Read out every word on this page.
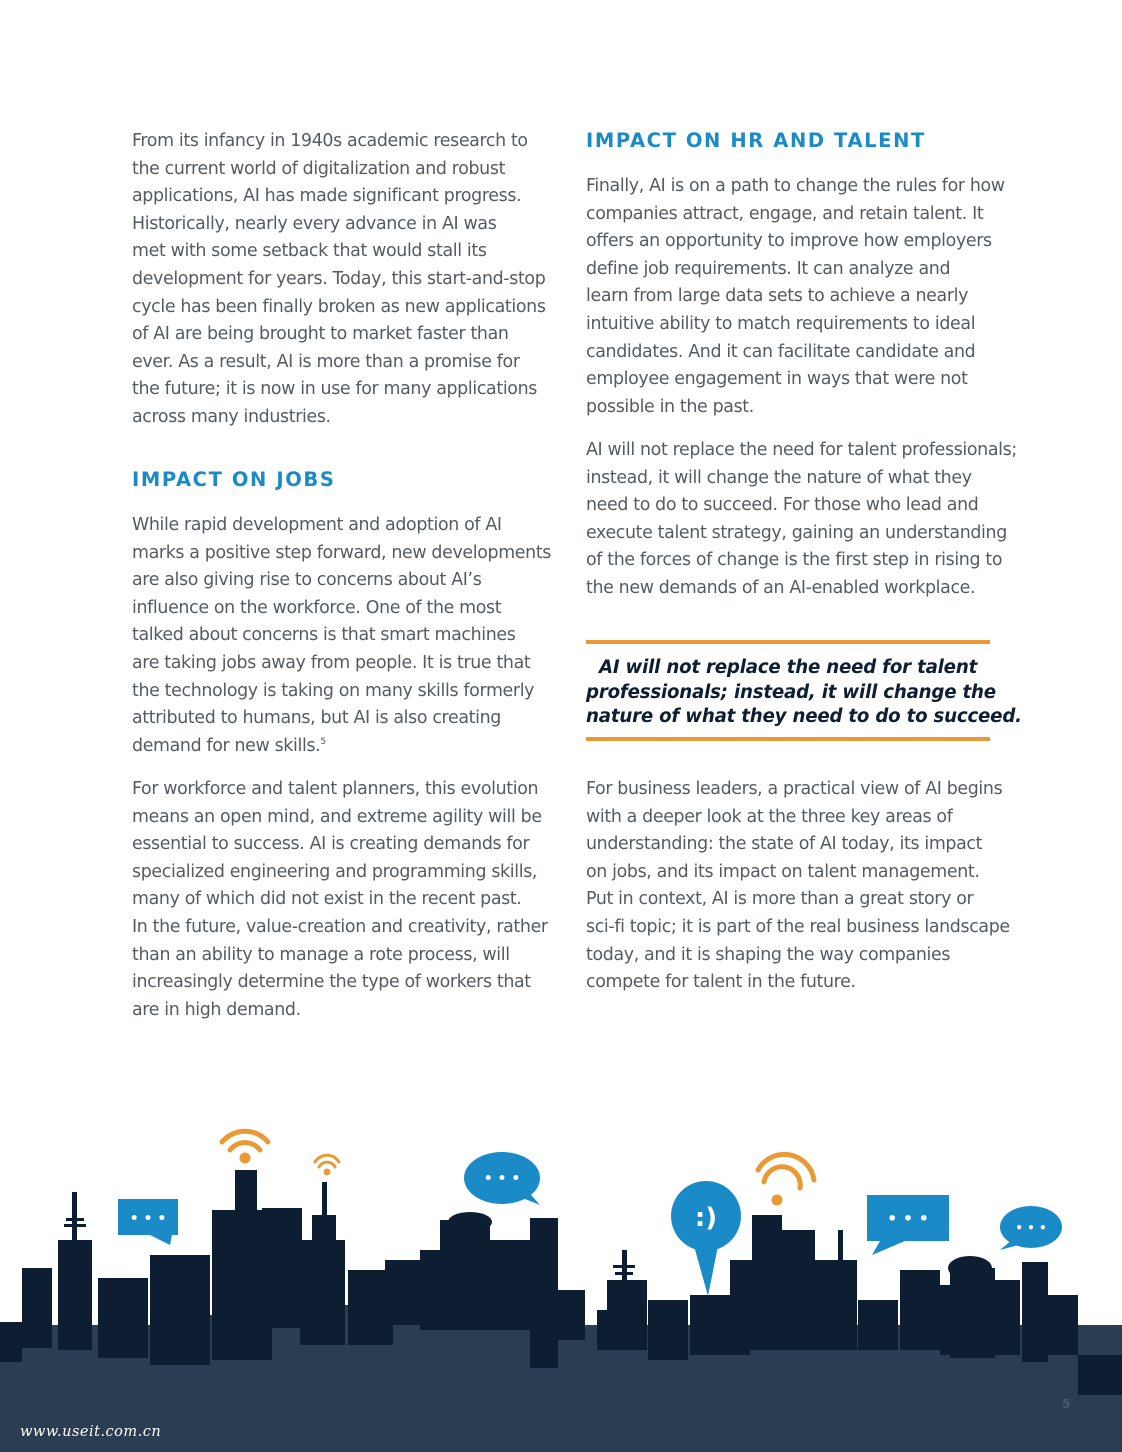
From its infancy in 1940s academic research to
the current world of digitalization and robust
applications, AI has made significant progress.
Historically, nearly every advance in AI was
met with some setback that would stall its
development for years. Today, this start-and-stop
cycle has been finally broken as new applications
of AI are being brought to market faster than
ever. As a result, AI is more than a promise for
the future; it is now in use for many applications
across many industries.

IMPACT ON JOBS

While rapid development and adoption of AI
marks a positive step forward, new developments
are also giving rise to concerns about AI’s
influence on the workforce. One of the most
talked about concerns is that smart machines
are taking jobs away from people. It is true that
the technology is taking on many skills formerly
attributed to humans, but AI is also creating
demand for new skills.$^5$

For workforce and talent planners, this evolution
means an open mind, and extreme agility will be
essential to success. AI is creating demands for
specialized engineering and programming skills,
many of which did not exist in the recent past.
In the future, value-creation and creativity, rather
than an ability to manage a rote process, will
increasingly determine the type of workers that
are in high demand.

IMPACT ON HR AND TALENT

Finally, AI is on a path to change the rules for how
companies attract, engage, and retain talent. It
offers an opportunity to improve how employers
define job requirements. It can analyze and
learn from large data sets to achieve a nearly
intuitive ability to match requirements to ideal
candidates. And it can facilitate candidate and
employee engagement in ways that were not
possible in the past.

AI will not replace the need for talent professionals;
instead, it will change the nature of what they
need to do to succeed. For those who lead and
execute talent strategy, gaining an understanding
of the forces of change is the first step in rising to
the new demands of an AI-enabled workplace.

For business leaders, a practical view of AI begins
with a deeper look at the three key areas of
understanding: the state of AI today, its impact
on jobs, and its impact on talent management.
Put in context, AI is more than a great story or
sci-fi topic; it is part of the real business landscape
today, and it is shaping the way companies
compete for talent in the future.

AI will not replace the need for talent
professionals; instead, it will change the
nature of what they need to do to succeed.
• • •
• • •
:)	• • •	• • •
5
www.useit.com.cn
